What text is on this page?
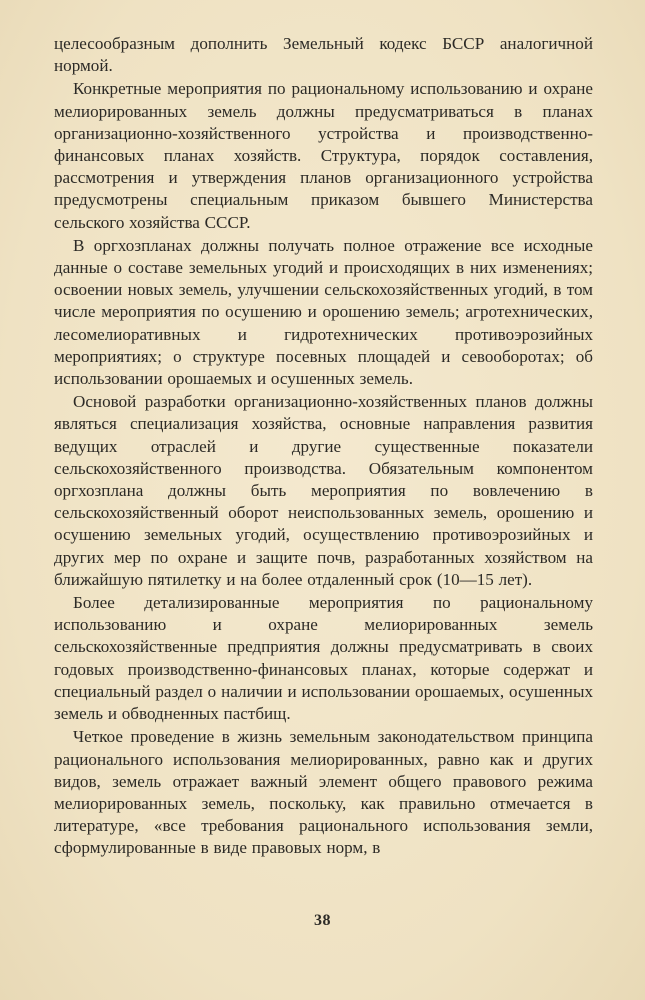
целесообразным дополнить Земельный кодекс БССР аналогичной нормой.

Конкретные мероприятия по рациональному использованию и охране мелиорированных земель должны предусматриваться в планах организационно-хозяйственного устройства и производственно-финансовых планах хозяйств. Структура, порядок составления, рассмотрения и утверждения планов организационного устройства предусмотрены специальным приказом бывшего Министерства сельского хозяйства СССР.

В оргхозпланах должны получать полное отражение все исходные данные о составе земельных угодий и происходящих в них изменениях; освоении новых земель, улучшении сельскохозяйственных угодий, в том числе мероприятия по осушению и орошению земель; агротехнических, лесомелиоративных и гидротехнических противоэрозийных мероприятиях; о структуре посевных площадей и севооборотах; об использовании орошаемых и осушенных земель.

Основой разработки организационно-хозяйственных планов должны являться специализация хозяйства, основные направления развития ведущих отраслей и другие существенные показатели сельскохозяйственного производства. Обязательным компонентом оргхозплана должны быть мероприятия по вовлечению в сельскохозяйственный оборот неиспользованных земель, орошению и осушению земельных угодий, осуществлению противоэрозийных и других мер по охране и защите почв, разработанных хозяйством на ближайшую пятилетку и на более отдаленный срок (10—15 лет).

Более детализированные мероприятия по рациональному использованию и охране мелиорированных земель сельскохозяйственные предприятия должны предусматривать в своих годовых производственно-финансовых планах, которые содержат и специальный раздел о наличии и использовании орошаемых, осушенных земель и обводненных пастбищ.

Четкое проведение в жизнь земельным законодательством принципа рационального использования мелиорированных, равно как и других видов, земель отражает важный элемент общего правового режима мелиорированных земель, поскольку, как правильно отмечается в литературе, «все требования рационального использования земли, сформулированные в виде правовых норм, в

38
